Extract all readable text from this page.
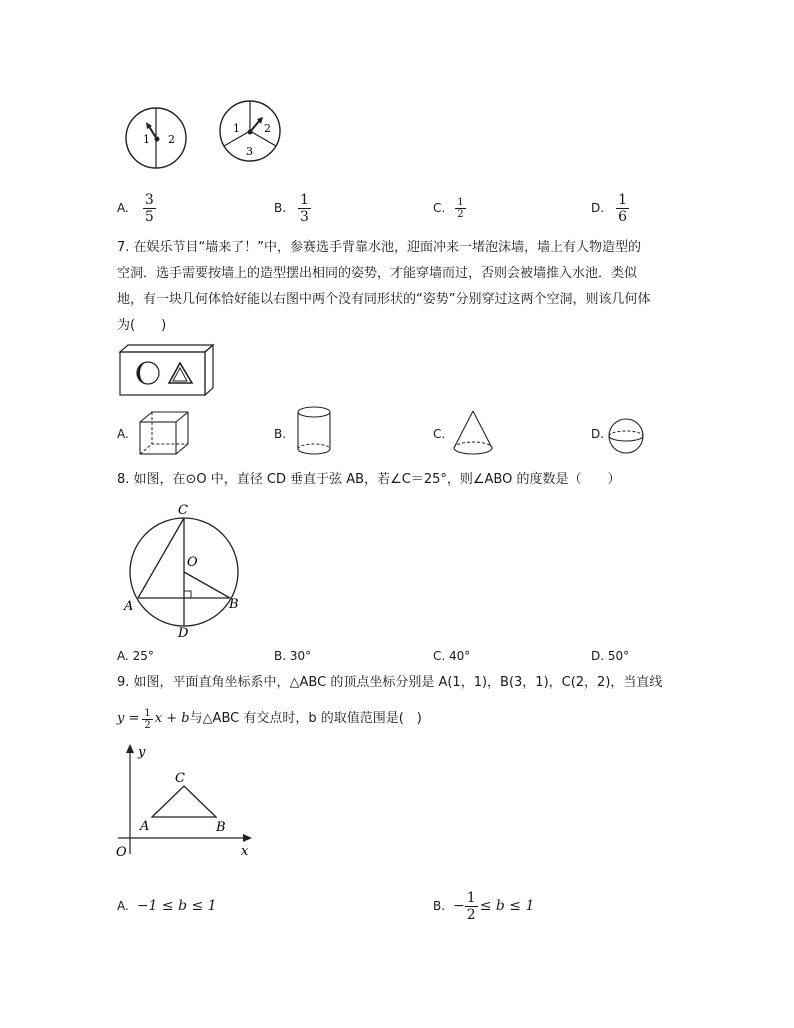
1 2
1 2
3
A. $\frac{3}{5}$	B. $\frac{1}{3}$	C. $\frac{1}{2}$	D. $\frac{1}{6}$
7. 在娱乐节目“墙来了！”中，参赛选手背靠水池，迎面冲来一堵泡沫墙，墙上有人物造型的
空洞．选手需要按墙上的造型摆出相同的姿势，才能穿墙而过，否则会被墙推入水池．类似
地，有一块几何体恰好能以右图中两个没有同形状的“姿势”分别穿过这两个空洞，则该几何体
为(　　)
A.	B.	C.	D.
8. 如图，在⊙O 中，直径 CD 垂直于弦 AB，若∠C＝25°，则∠ABO 的度数是（　　）
C
O
A	B
D
A. 25°	B. 30°	C. 40°	D. 50°
9. 如图，平面直角坐标系中，△ABC 的顶点坐标分别是 A(1，1)，B(3，1)，C(2，2)，当直线
$y = \frac{1}{2}$ x + b 与△ABC 有交点时，b 的取值范围是(　)
y
x
O
A	B
C
A. −1 ≤ b ≤ 1	B. − $\frac{1}{2} \le b \le 1$
